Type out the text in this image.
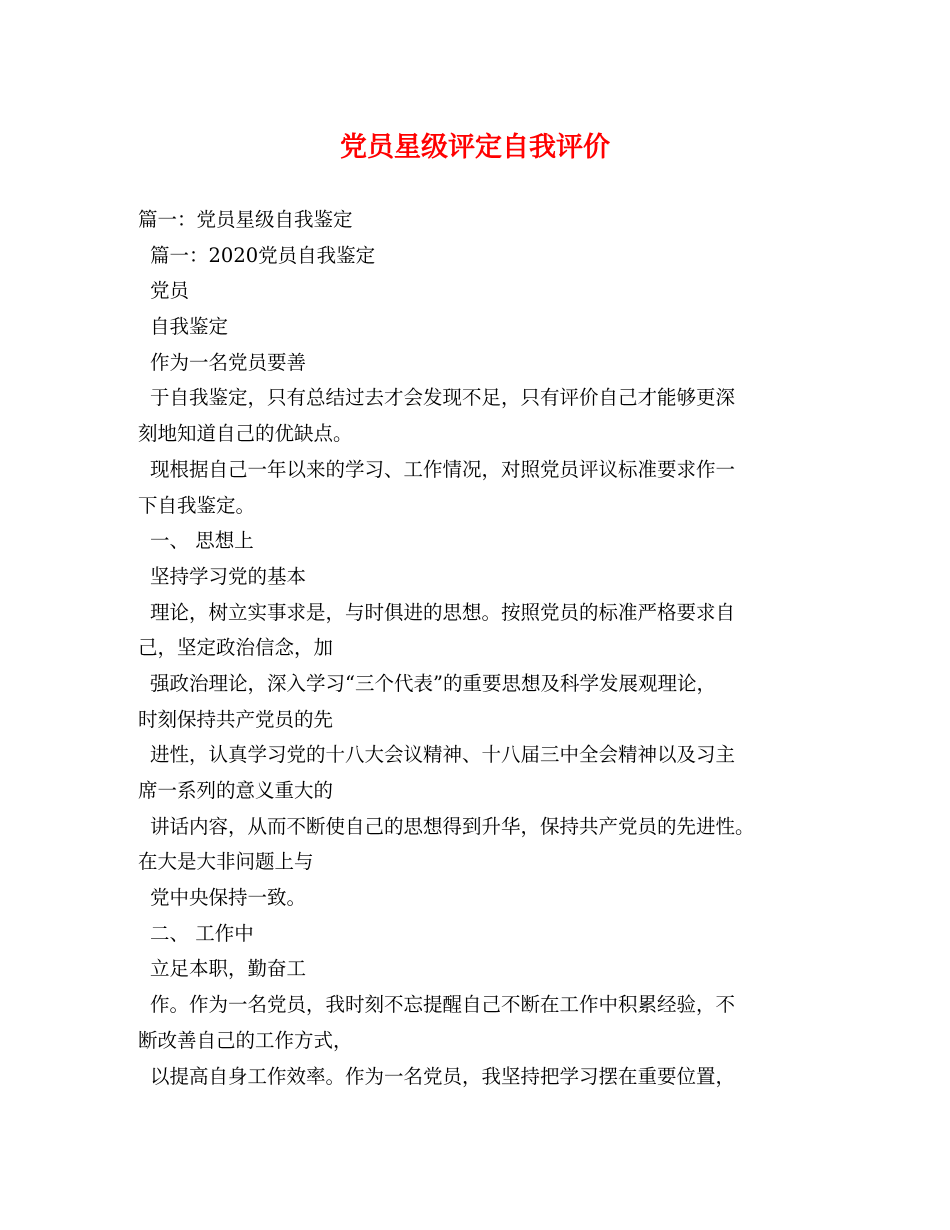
党员星级评定自我评价
篇一：党员星级自我鉴定
篇一：2020党员自我鉴定
党员
自我鉴定
作为一名党员要善
于自我鉴定，只有总结过去才会发现不足，只有评价自己才能够更深
刻地知道自己的优缺点。
现根据自己一年以来的学习、工作情况，对照党员评议标准要求作一
下自我鉴定。
一、 思想上
坚持学习党的基本
理论，树立实事求是，与时俱进的思想。按照党员的标准严格要求自
己，坚定政治信念，加
强政治理论，深入学习“三个代表”的重要思想及科学发展观理论，
时刻保持共产党员的先
进性，认真学习党的十八大会议精神、十八届三中全会精神以及习主
席一系列的意义重大的
讲话内容，从而不断使自己的思想得到升华，保持共产党员的先进性。
在大是大非问题上与
党中央保持一致。
二、 工作中
立足本职，勤奋工
作。作为一名党员，我时刻不忘提醒自己不断在工作中积累经验，不
断改善自己的工作方式，
以提高自身工作效率。作为一名党员，我坚持把学习摆在重要位置，
